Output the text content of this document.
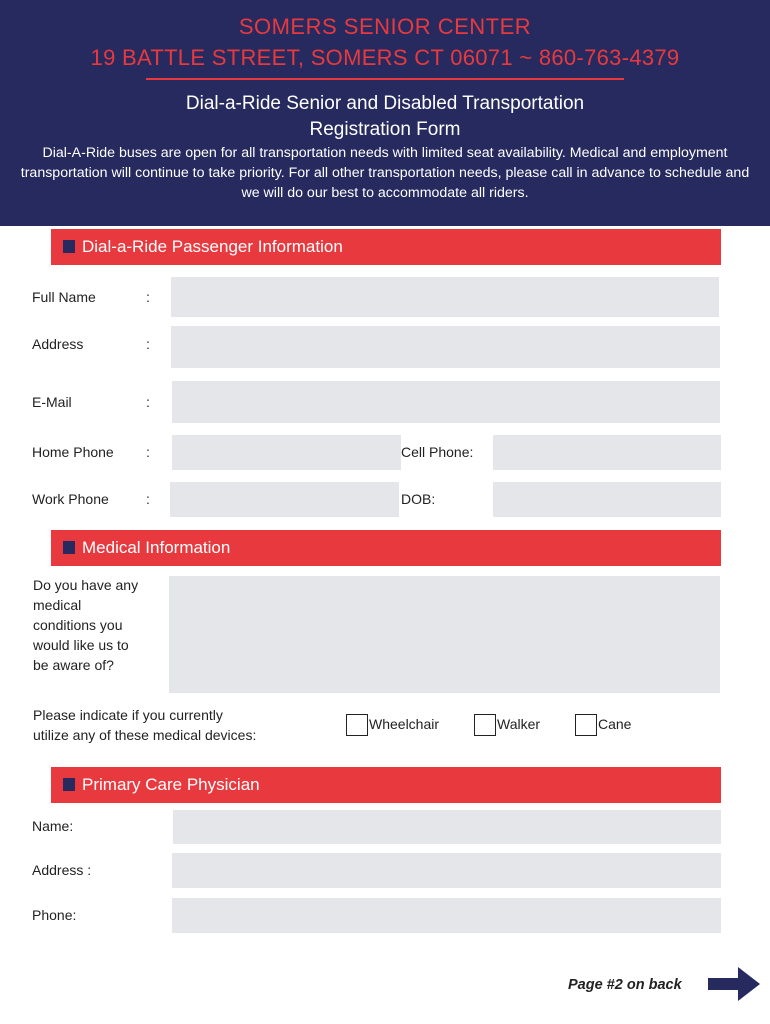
SOMERS SENIOR CENTER
19 BATTLE STREET, SOMERS CT 06071 ~ 860-763-4379
Dial-a-Ride Senior and Disabled Transportation
Registration Form
Dial-A-Ride buses are open for all transportation needs with limited seat availability. Medical and employment transportation will continue to take priority. For all other transportation needs, please call in advance to schedule and we will do our best to accommodate all riders.
Dial-a-Ride Passenger Information
Full Name	:
Address	:
E-Mail	:
Home Phone :	Cell Phone:
Work Phone	:	DOB:
Medical Information
Do you have any
medical
conditions you
would like us to
be aware of?
Please indicate if you currently
utilize any of these medical devices:
Wheelchair	Walker	Cane
Primary Care Physician
Name:
Address :
Phone:
Page #2 on back
